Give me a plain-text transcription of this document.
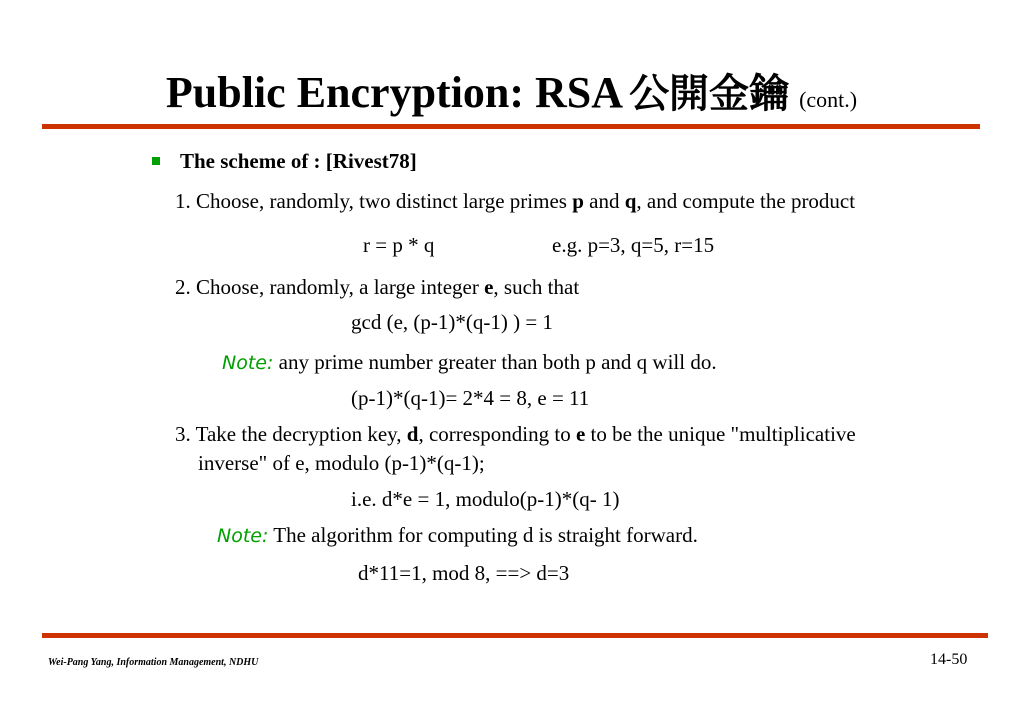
Public Encryption: RSA 公開金鑰 (cont.)
The scheme of : [Rivest78]
1. Choose, randomly, two distinct large primes p and q, and compute the product
r = p * q	e.g. p=3, q=5, r=15
2. Choose, randomly, a large integer e, such that
gcd (e, (p-1)*(q-1) ) = 1
Note: any prime number greater than both p and q will do.
(p-1)*(q-1)= 2*4 = 8, e = 11
3. Take the decryption key, d, corresponding to e to be the unique "multiplicative
inverse" of e, modulo (p-1)*(q-1);
i.e. d*e = 1, modulo(p-1)*(q- 1)
Note: The algorithm for computing d is straight forward.
d*11=1, mod 8, ==> d=3
Wei-Pang Yang, Information Management, NDHU	14-50
